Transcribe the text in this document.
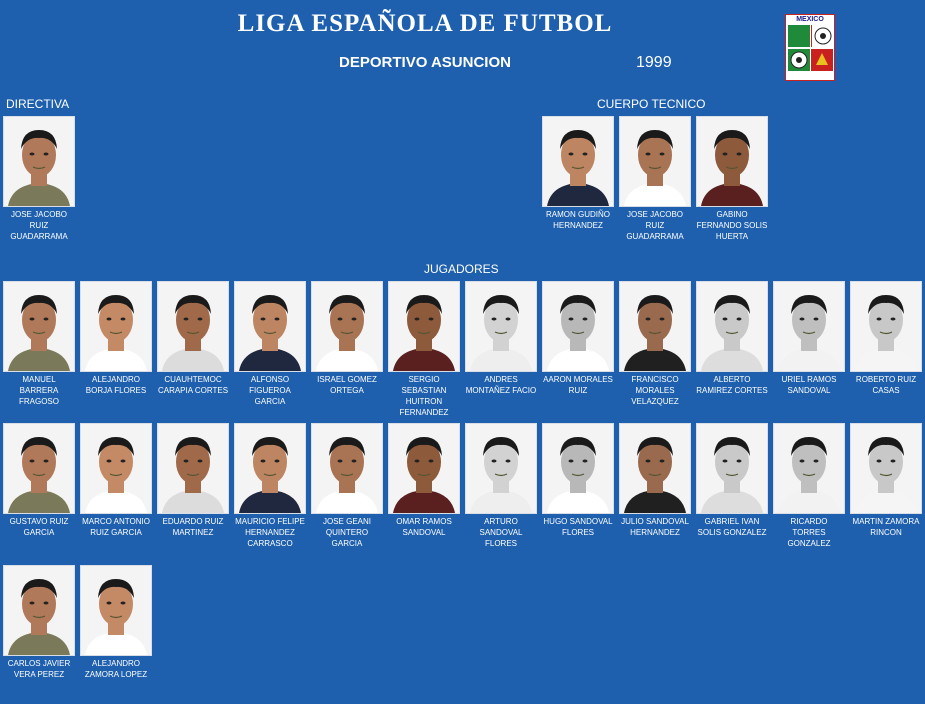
LIGA ESPAÑOLA DE FUTBOL
DEPORTIVO ASUNCION	1999
MEXICO
DIRECTIVA	CUERPO TECNICO
JUGADORES
JOSE JACOBO RUIZ GUADARRAMA
RAMON GUDIÑO HERNANDEZ
JOSE JACOBO RUIZ GUADARRAMA
GABINO FERNANDO SOLIS HUERTA
MANUEL BARRERA FRAGOSO
ALEJANDRO BORJA FLORES
CUAUHTEMOC CARAPIA CORTES
ALFONSO FIGUEROA GARCIA
ISRAEL GOMEZ ORTEGA
SERGIO SEBASTIAN HUITRON FERNANDEZ
ANDRES MONTAÑEZ FACIO
AARON MORALES RUIZ
FRANCISCO MORALES VELAZQUEZ
ALBERTO RAMIREZ CORTES
URIEL RAMOS SANDOVAL
ROBERTO RUIZ CASAS
GUSTAVO RUIZ GARCIA
MARCO ANTONIO RUIZ GARCIA
EDUARDO RUIZ MARTINEZ
MAURICIO FELIPE HERNANDEZ CARRASCO
JOSE GEANI QUINTERO GARCIA
OMAR RAMOS SANDOVAL
ARTURO SANDOVAL FLORES
HUGO SANDOVAL FLORES
JULIO SANDOVAL HERNANDEZ
GABRIEL IVAN SOLIS GONZALEZ
RICARDO TORRES GONZALEZ
MARTIN ZAMORA RINCON
CARLOS JAVIER VERA PEREZ
ALEJANDRO ZAMORA LOPEZ
